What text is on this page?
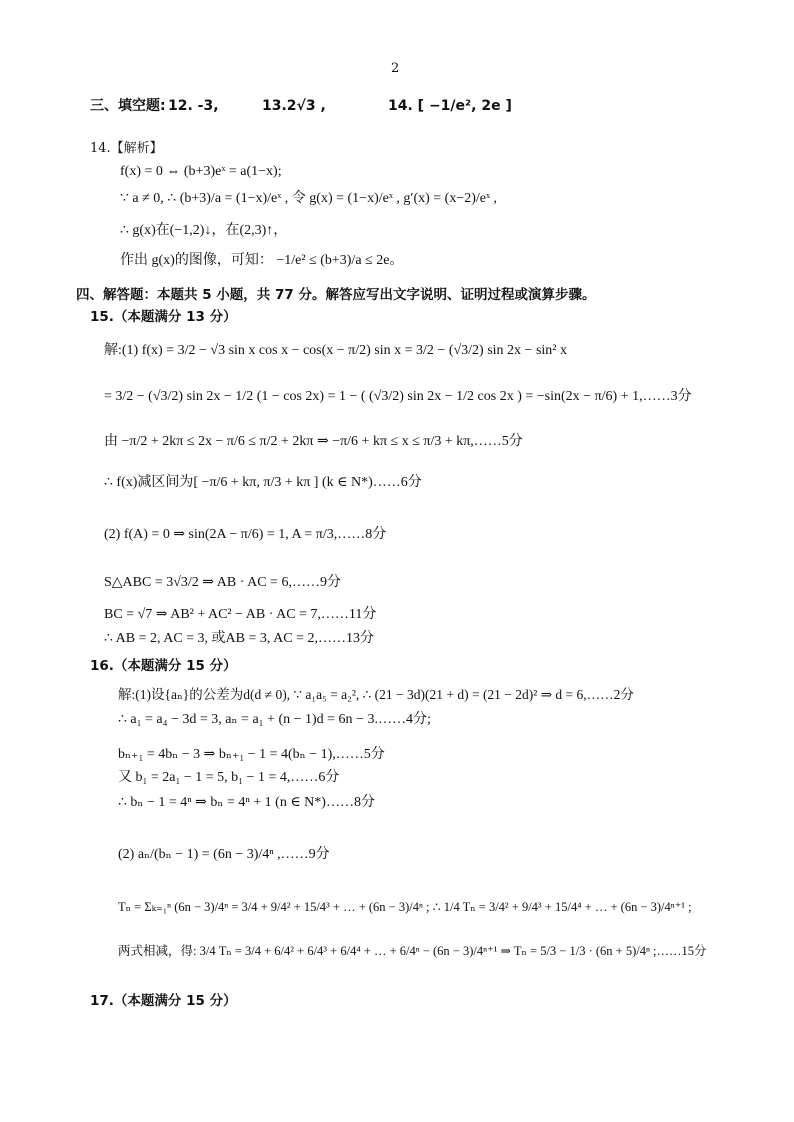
2
三、填空题: 12. -3,	13.2√3 ,	14. [ −1/e², 2e ]
14.【解析】
f(x) = 0 ⇔ (b+3)eˣ = a(1−x);
∵ a ≠ 0, ∴ (b+3)/a = (1−x)/eˣ , 令 g(x) = (1−x)/eˣ , g′(x) = (x−2)/eˣ ,
∴ g(x)在(−1,2)↓，在(2,3)↑，
作出 g(x)的图像，可知： −1/e² ≤ (b+3)/a ≤ 2e。
四、解答题：本题共 5 小题，共 77 分。解答应写出文字说明、证明过程或演算步骤。
15.（本题满分 13 分）
解:(1) f(x) = 3/2 − √3 sin x cos x − cos(x − π/2) sin x = 3/2 − (√3/2) sin 2x − sin² x
= 3/2 − (√3/2) sin 2x − 1/2 (1 − cos 2x) = 1 − ( (√3/2) sin 2x − 1/2 cos 2x ) = −sin(2x − π/6) + 1,……3分
由 −π/2 + 2kπ ≤ 2x − π/6 ≤ π/2 + 2kπ ⇒ −π/6 + kπ ≤ x ≤ π/3 + kπ,……5分
∴ f(x)减区间为[ −π/6 + kπ, π/3 + kπ ] (k ∈ N*)……6分
(2) f(A) = 0 ⇒ sin(2A − π/6) = 1, A = π/3,……8分
S△ABC = 3√3/2 ⇒ AB · AC = 6,……9分
BC = √7 ⇒ AB² + AC² − AB · AC = 7,……11分
∴ AB = 2, AC = 3, 或AB = 3, AC = 2,……13分
16.（本题满分 15 分）
解:(1)设{aₙ}的公差为d(d ≠ 0), ∵ a₁a₅ = a₂², ∴ (21 − 3d)(21 + d) = (21 − 2d)² ⇒ d = 6,……2分
∴ a₁ = a₄ − 3d = 3, aₙ = a₁ + (n − 1)d = 6n − 3.……4分;
bₙ₊₁ = 4bₙ − 3 ⇒ bₙ₊₁ − 1 = 4(bₙ − 1),……5分
又 b₁ = 2a₁ − 1 = 5, b₁ − 1 = 4,……6分
∴ bₙ − 1 = 4ⁿ ⇒ bₙ = 4ⁿ + 1 (n ∈ N*)……8分
(2) aₙ/(bₙ − 1) = (6n − 3)/4ⁿ ,……9分
Tₙ = Σₖ₌₁ⁿ (6n − 3)/4ⁿ = 3/4 + 9/4² + 15/4³ + … + (6n − 3)/4ⁿ ; ∴ 1/4 Tₙ = 3/4² + 9/4³ + 15/4⁴ + … + (6n − 3)/4ⁿ⁺¹ ;
两式相减，得: 3/4 Tₙ = 3/4 + 6/4² + 6/4³ + 6/4⁴ + … + 6/4ⁿ − (6n − 3)/4ⁿ⁺¹ ⇒ Tₙ = 5/3 − 1/3 · (6n + 5)/4ⁿ ;……15分
17.（本题满分 15 分）
